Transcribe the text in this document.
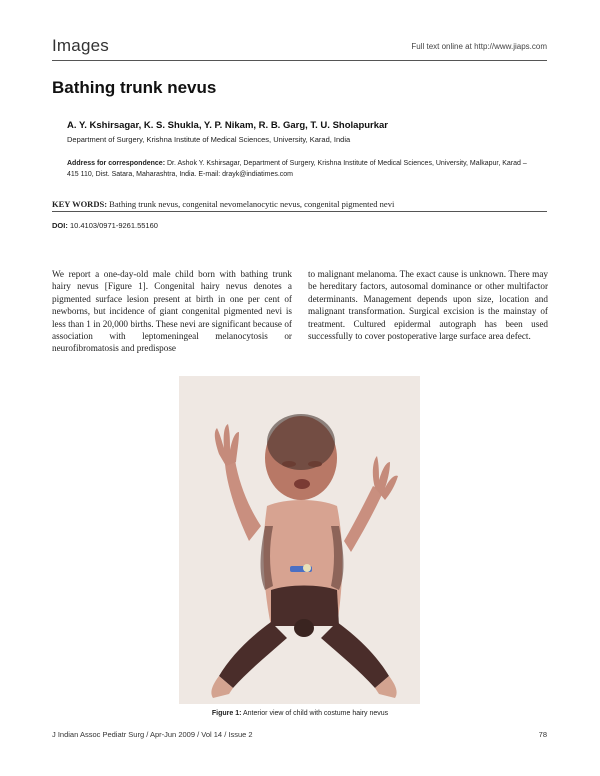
Images	Full text online at http://www.jiaps.com
Bathing trunk nevus
A. Y. Kshirsagar, K. S. Shukla, Y. P. Nikam, R. B. Garg, T. U. Sholapurkar
Department of Surgery, Krishna Institute of Medical Sciences, University, Karad, India
Address for correspondence: Dr. Ashok Y. Kshirsagar, Department of Surgery, Krishna Institute of Medical Sciences, University, Malkapur, Karad – 415 110, Dist. Satara, Maharashtra, India. E-mail: drayk@indiatimes.com
KEY WORDS: Bathing trunk nevus, congenital nevomelanocytic nevus, congenital pigmented nevi
DOI: 10.4103/0971-9261.55160
We report a one-day-old male child born with bathing trunk hairy nevus [Figure 1]. Congenital hairy nevus denotes a pigmented surface lesion present at birth in one per cent of newborns, but incidence of giant congenital pigmented nevi is less than 1 in 20,000 births. These nevi are significant because of association with leptomeningeal melanocytosis or neurofibromatosis and predispose
to malignant melanoma. The exact cause is unknown. There may be hereditary factors, autosomal dominance or other multifactor determinants. Management depends upon size, location and malignant transformation. Surgical excision is the mainstay of treatment. Cultured epidermal autograph has been used successfully to cover postoperative large surface area defect.
Figure 1: Anterior view of child with costume hairy nevus
J Indian Assoc Pediatr Surg / Apr-Jun 2009 / Vol 14 / Issue 2	78
